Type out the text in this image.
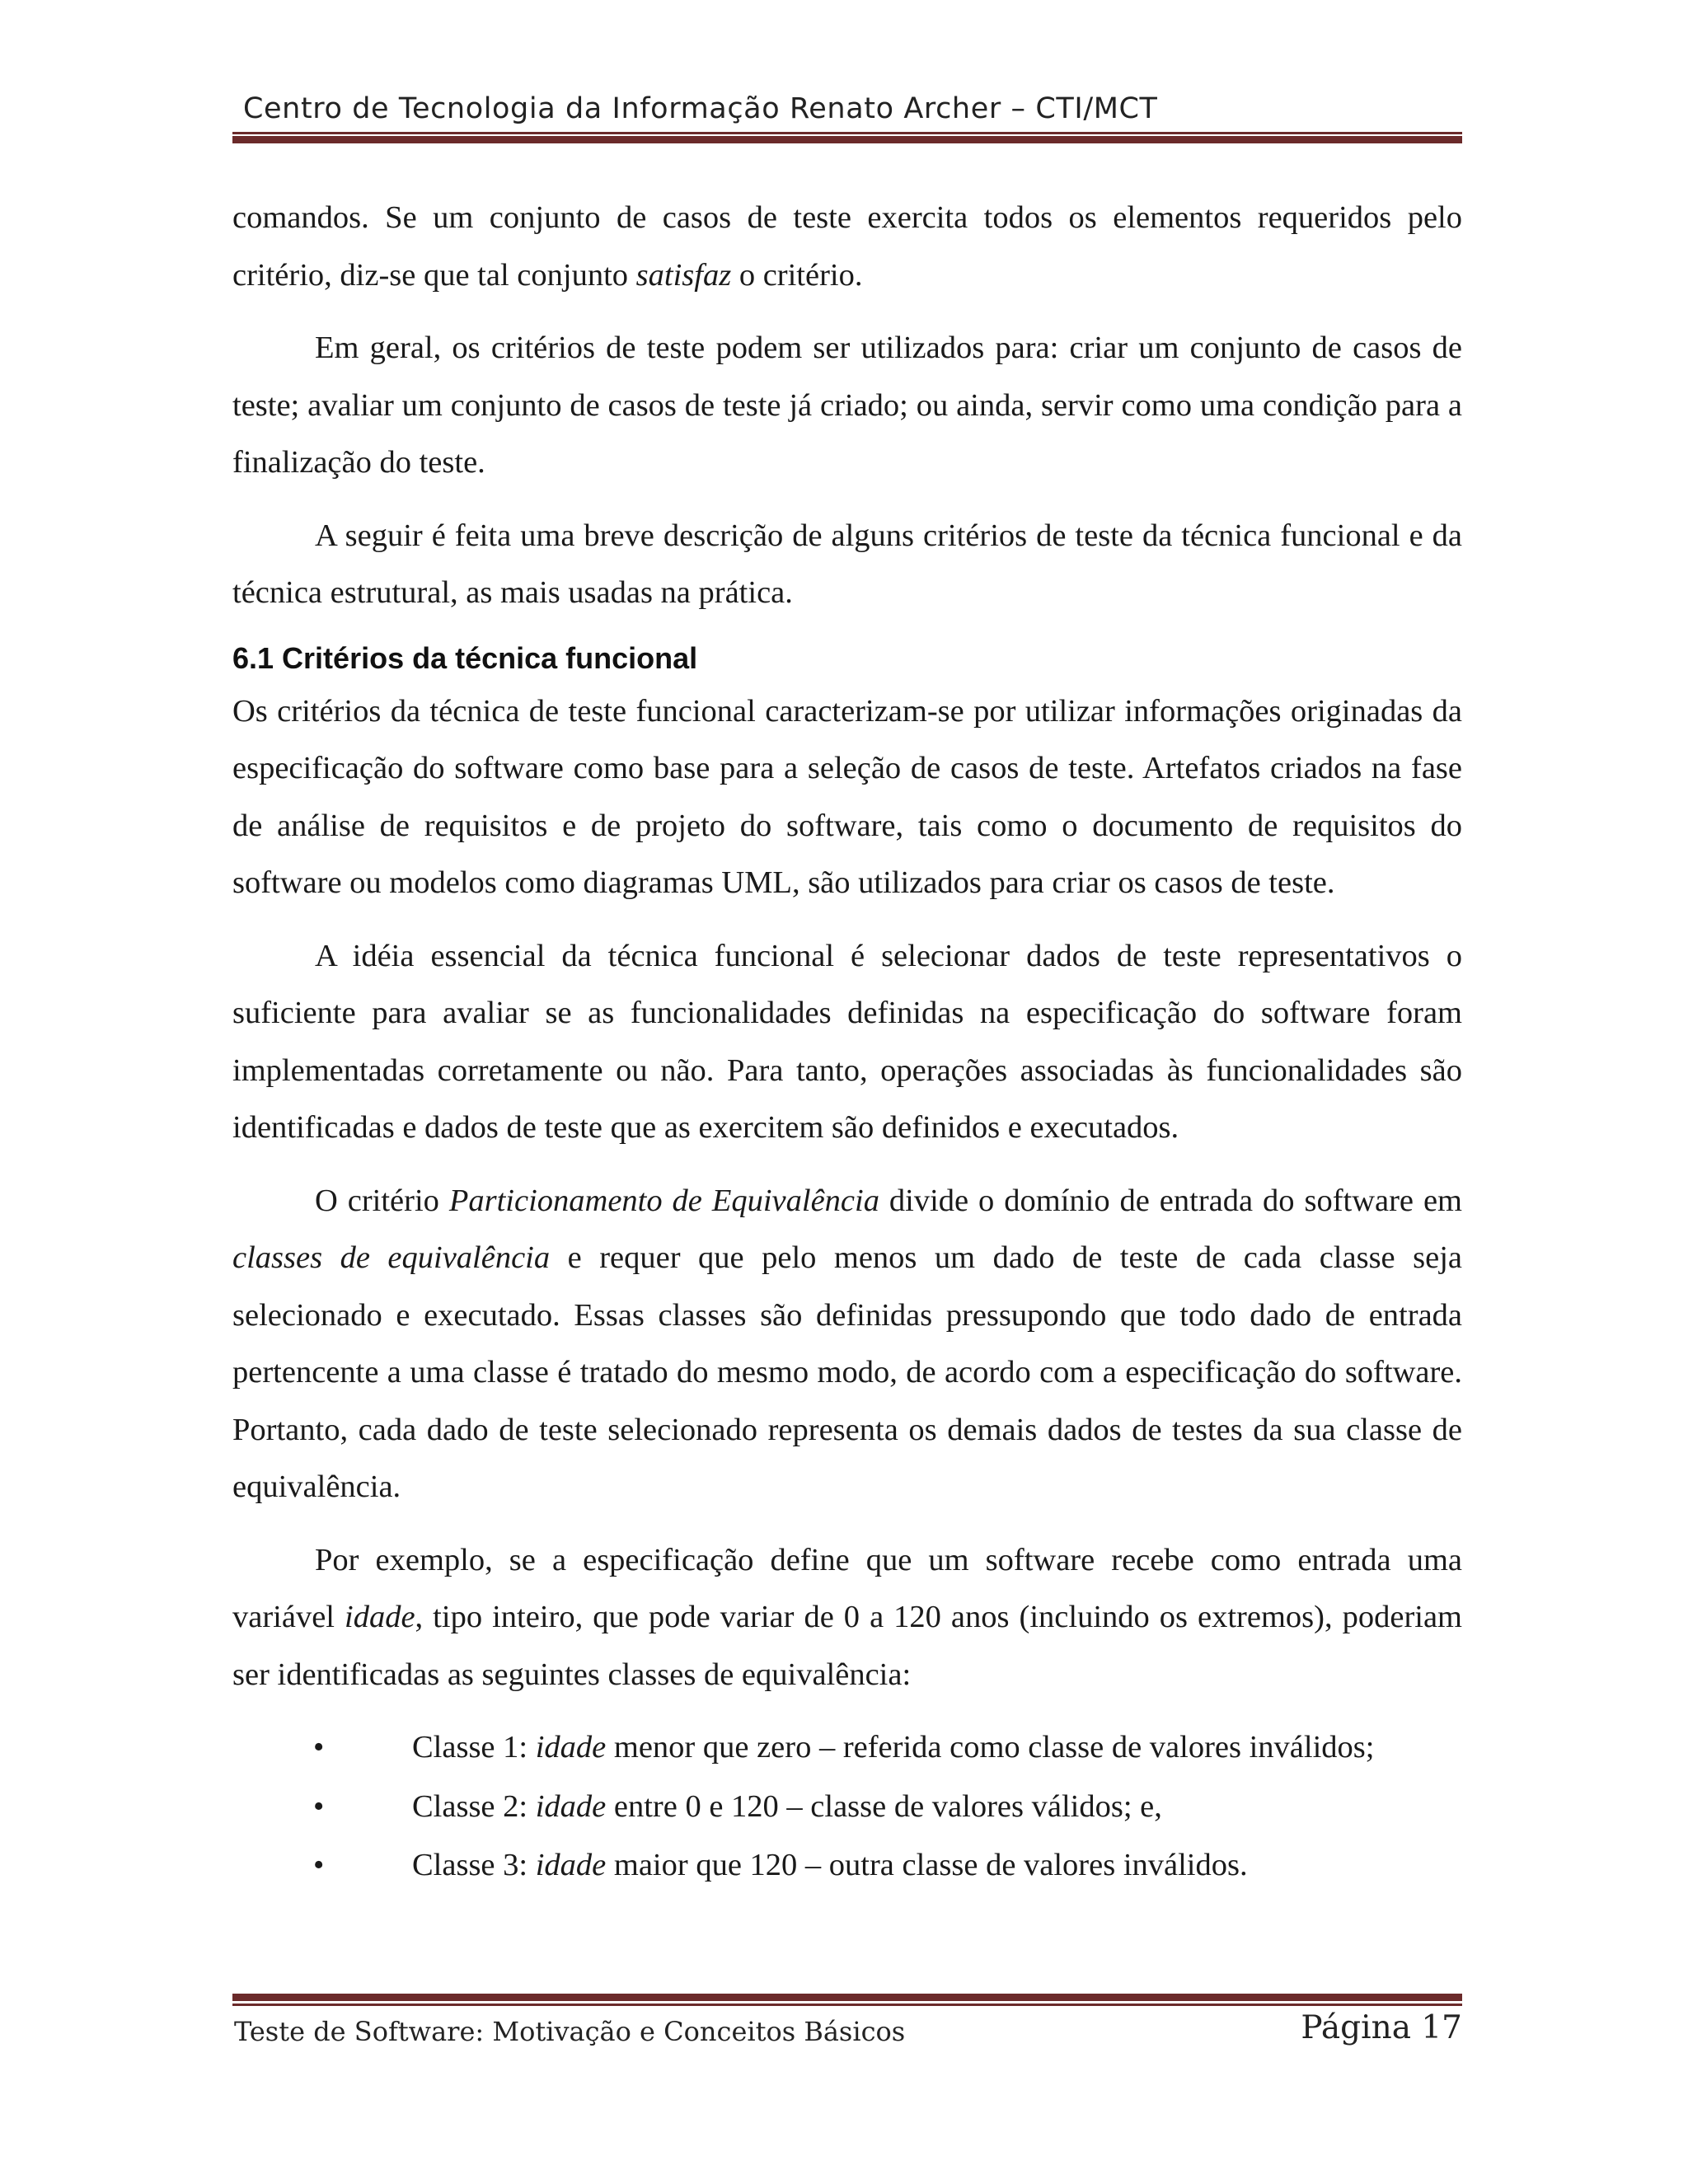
Centro de Tecnologia da Informação Renato Archer – CTI/MCT

comandos. Se um conjunto de casos de teste exercita todos os elementos requeridos pelo critério, diz-se que tal conjunto satisfaz o critério.

Em geral, os critérios de teste podem ser utilizados para: criar um conjunto de casos de teste; avaliar um conjunto de casos de teste já criado; ou ainda, servir como uma condição para a finalização do teste.

A seguir é feita uma breve descrição de alguns critérios de teste da técnica funcional e da técnica estrutural, as mais usadas na prática.

6.1 Critérios da técnica funcional

Os critérios da técnica de teste funcional caracterizam-se por utilizar informações originadas da especificação do software como base para a seleção de casos de teste. Artefatos criados na fase de análise de requisitos e de projeto do software, tais como o documento de requisitos do software ou modelos como diagramas UML, são utilizados para criar os casos de teste.

A idéia essencial da técnica funcional é selecionar dados de teste representativos o suficiente para avaliar se as funcionalidades definidas na especificação do software foram implementadas corretamente ou não. Para tanto, operações associadas às funcionalidades são identificadas e dados de teste que as exercitem são definidos e executados.

O critério Particionamento de Equivalência divide o domínio de entrada do software em classes de equivalência e requer que pelo menos um dado de teste de cada classe seja selecionado e executado. Essas classes são definidas pressupondo que todo dado de entrada pertencente a uma classe é tratado do mesmo modo, de acordo com a especificação do software. Portanto, cada dado de teste selecionado representa os demais dados de testes da sua classe de equivalência.

Por exemplo, se a especificação define que um software recebe como entrada uma variável idade, tipo inteiro, que pode variar de 0 a 120 anos (incluindo os extremos), poderiam ser identificadas as seguintes classes de equivalência:

•	Classe 1: idade menor que zero – referida como classe de valores inválidos;
•	Classe 2: idade entre 0 e 120 – classe de valores válidos; e,
•	Classe 3: idade maior que 120 – outra classe de valores inválidos.
Teste de Software: Motivação e Conceitos Básicos	Página 17
